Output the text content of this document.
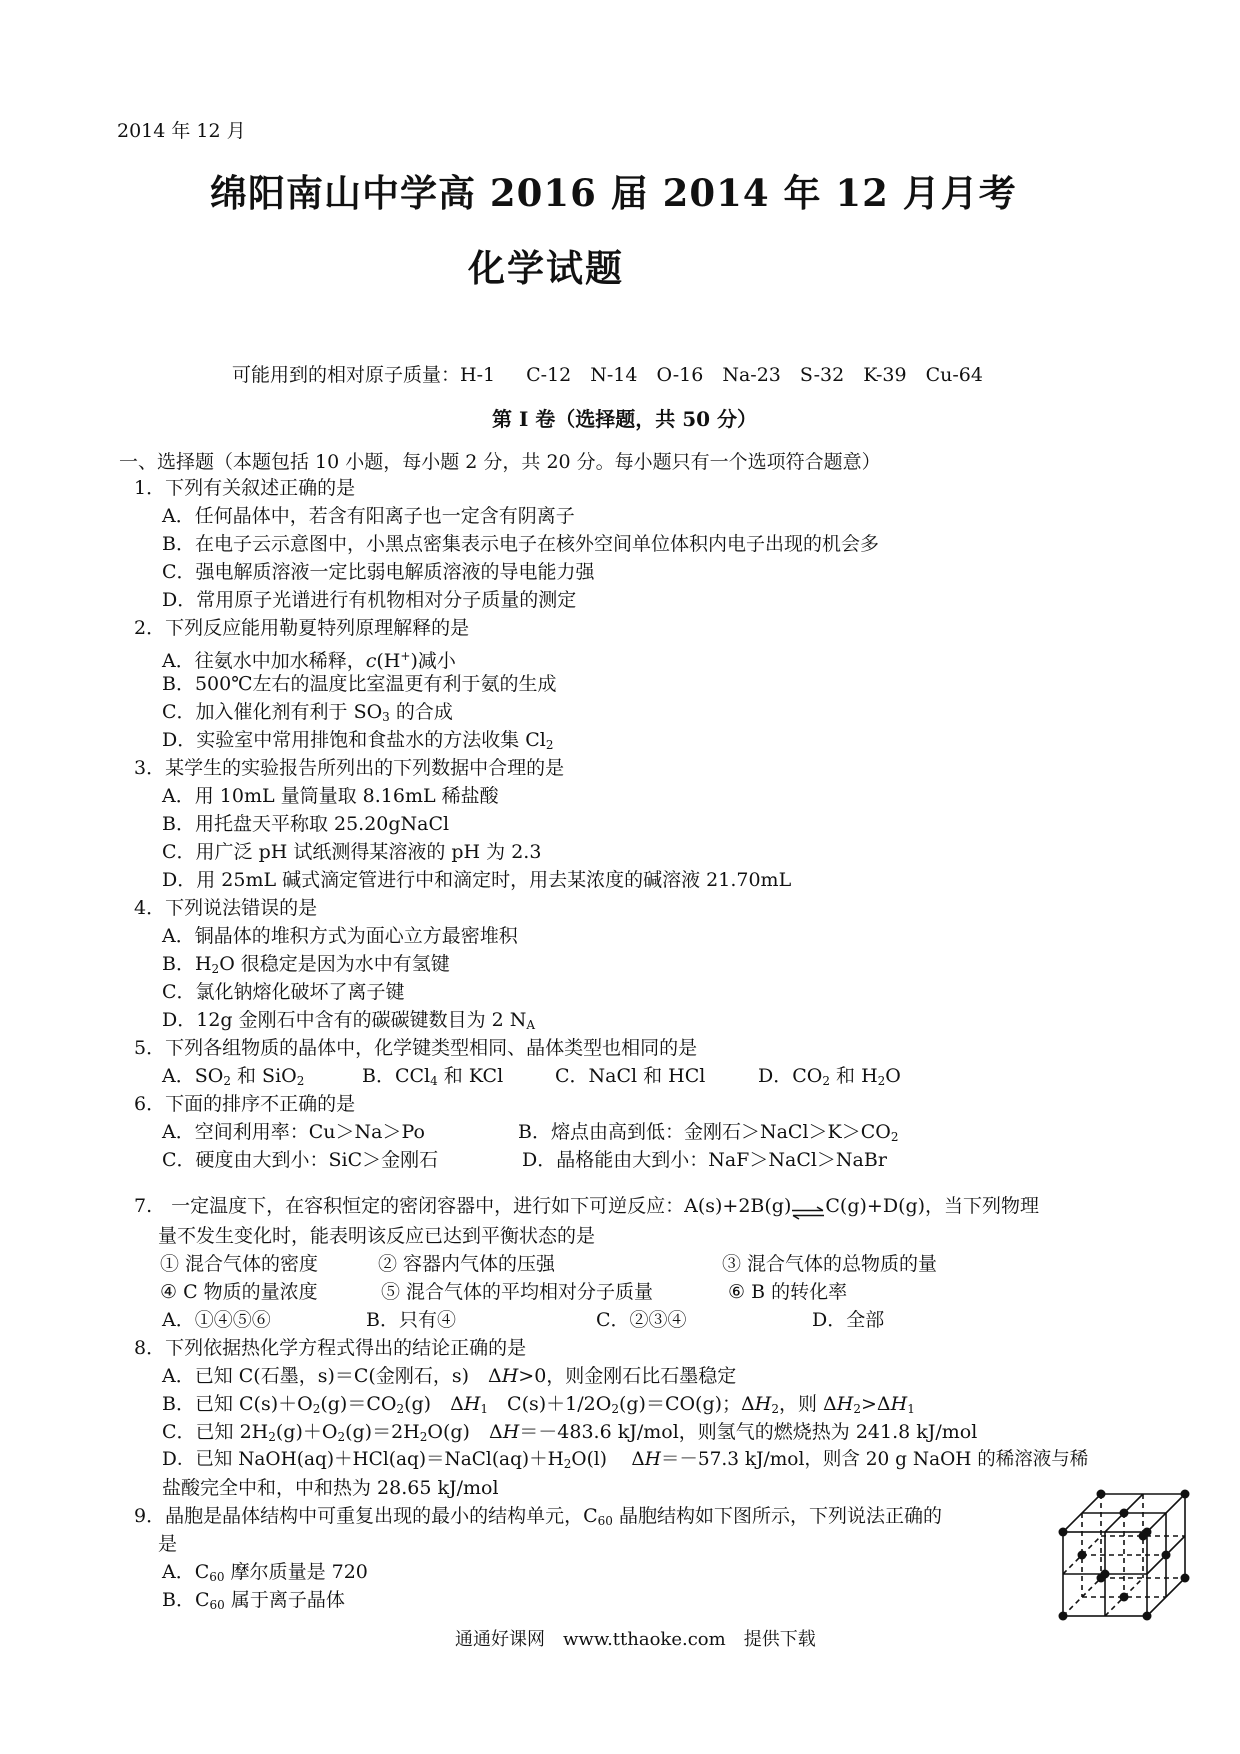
2014 年 12 月
绵阳南山中学高 2016 届 2014 年 12 月月考
化学试题
可能用到的相对原子质量：H-1　 C-12　N-14　O-16　Na-23　S-32　K-39　Cu-64
第 I 卷（选择题，共 50 分）
一、选择题（本题包括 10 小题，每小题 2 分，共 20 分。每小题只有一个选项符合题意）
1．下列有关叙述正确的是
A．任何晶体中，若含有阳离子也一定含有阴离子
B．在电子云示意图中，小黑点密集表示电子在核外空间单位体积内电子出现的机会多
C．强电解质溶液一定比弱电解质溶液的导电能力强
D．常用原子光谱进行有机物相对分子质量的测定
2．下列反应能用勒夏特列原理解释的是
A．往氨水中加水稀释，c(H+)减小
B．500℃左右的温度比室温更有利于氨的生成
C．加入催化剂有利于 $SO_3$ 的合成
D．实验室中常用排饱和食盐水的方法收集 $Cl_2$
3．某学生的实验报告所列出的下列数据中合理的是
A．用 10mL 量筒量取 8.16mL 稀盐酸
B．用托盘天平称取 25.20gNaCl
C．用广泛 pH 试纸测得某溶液的 pH 为 2.3
D．用 25mL 碱式滴定管进行中和滴定时，用去某浓度的碱溶液 21.70mL
4．下列说法错误的是
A．铜晶体的堆积方式为面心立方最密堆积
B．$H_2O$ 很稳定是因为水中有氢键
C．氯化钠熔化破坏了离子键
D．12g 金刚石中含有的碳碳键数目为 2 $N_A$
5．下列各组物质的晶体中，化学键类型相同、晶体类型也相同的是
A．$SO_2$ 和 SiO$_2$	B．CCl$_4$ 和 KCl	C．NaCl 和 HCl	D．$CO_2$ 和 $H_2O$
6．下面的排序不正确的是
A．空间利用率：Cu＞Na＞Po	B．熔点由高到低：金刚石$>NaCl>K>CO_2$
C．硬度由大到小：SiC＞金刚石	D．晶格能由大到小：NaF＞NaCl＞NaBr
7.　一定温度下，在容积恒定的密闭容器中，进行如下可逆反应：A(s)+2B(g)⇌C(g)+D(g)，当下列物理
量不发生变化时，能表明该反应已达到平衡状态的是
① 混合气体的密度	② 容器内气体的压强	③ 混合气体的总物质的量
④ C 物质的量浓度	⑤ 混合气体的平均相对分子质量	⑥ B 的转化率
A．①④⑤⑥	B．只有④	C．②③④	D．全部
8．下列依据热化学方程式得出的结论正确的是
A．已知 C(石墨，s)＝C(金刚石，s)　ΔH>0，则金刚石比石墨稳定
B．已知 $C(s)+O_2(g)=CO_2(g)$　$\Delta H_1$　$C(s)+1/2O_2(g)=CO(g)$；$\Delta H_2$，则 $\Delta H_2>\Delta H_1$
C．已知 $2H_2(g)+O_2(g)=2H_2O(g)$　ΔH＝－483.6 kJ/mol，则氢气的燃烧热为 241.8 kJ/mol
D．已知 $NaOH(aq)+HCl(aq)=NaCl(aq)+H_2O(l)$　 ΔH＝－57.3 kJ/mol，则含 20 g NaOH 的稀溶液与稀
盐酸完全中和，中和热为 28.65 kJ/mol
9．晶胞是晶体结构中可重复出现的最小的结构单元，$C_{60}$ 晶胞结构如下图所示，下列说法正确的
是
A．$C_{60}$ 摩尔质量是 720
B．$C_{60}$ 属于离子晶体
通通好课网　www.tthaoke.com　提供下载
